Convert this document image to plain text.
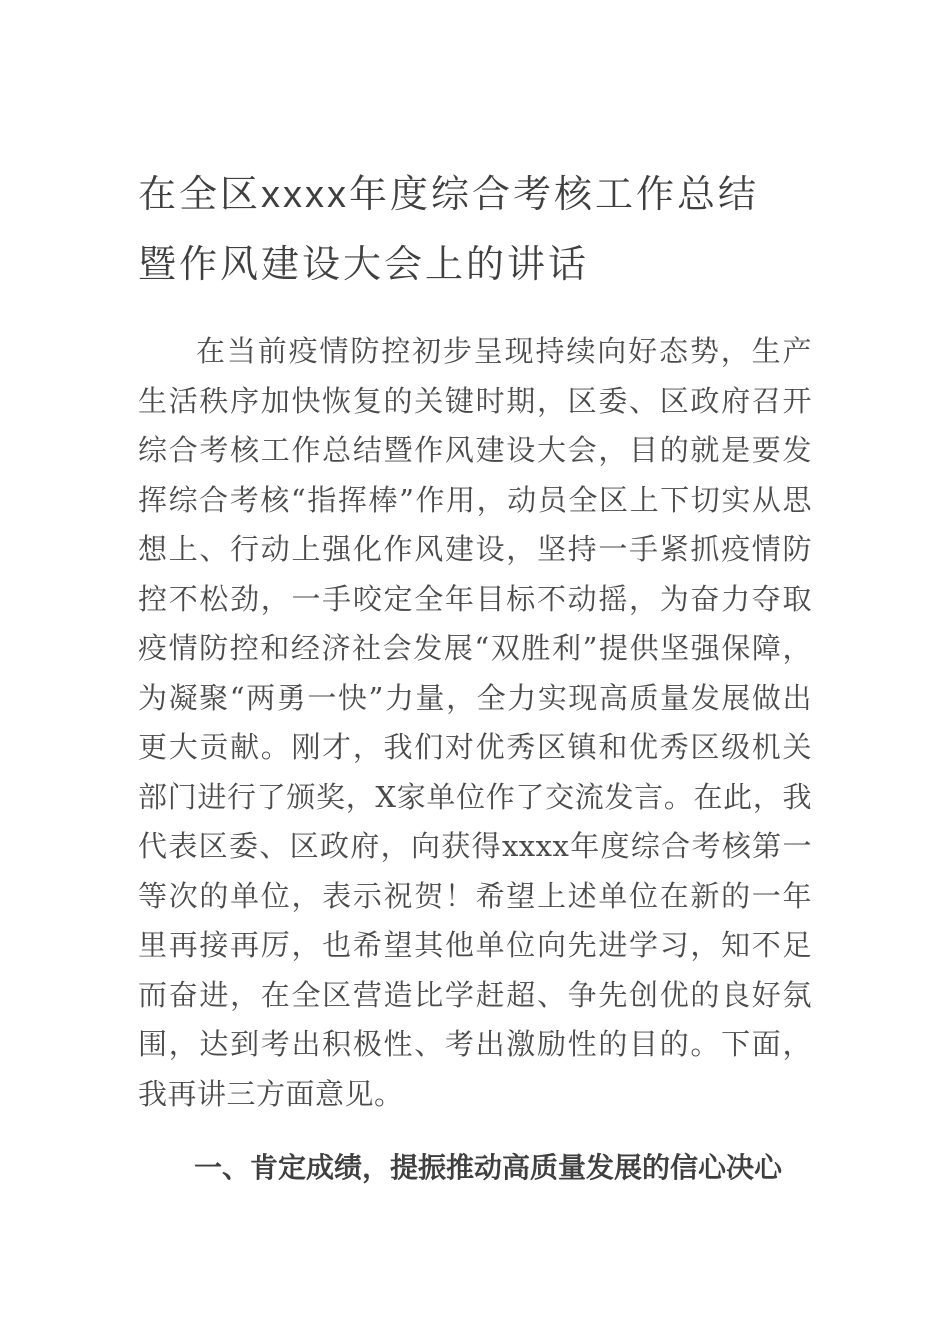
在全区xxxx年度综合考核工作总结
暨作风建设大会上的讲话

在当前疫情防控初步呈现持续向好态势，生产生活秩序加快恢复的关键时期，区委、区政府召开综合考核工作总结暨作风建设大会，目的就是要发挥综合考核“指挥棒”作用，动员全区上下切实从思想上、行动上强化作风建设，坚持一手紧抓疫情防控不松劲，一手咬定全年目标不动摇，为奋力夺取疫情防控和经济社会发展“双胜利”提供坚强保障，为凝聚“两勇一快”力量，全力实现高质量发展做出更大贡献。刚才，我们对优秀区镇和优秀区级机关部门进行了颁奖，X家单位作了交流发言。在此，我代表区委、区政府，向获得xxxx年度综合考核第一等次的单位，表示祝贺！希望上述单位在新的一年里再接再厉，也希望其他单位向先进学习，知不足而奋进，在全区营造比学赶超、争先创优的良好氛围，达到考出积极性、考出激励性的目的。下面，我再讲三方面意见。

一、肯定成绩，提振推动高质量发展的信心决心
